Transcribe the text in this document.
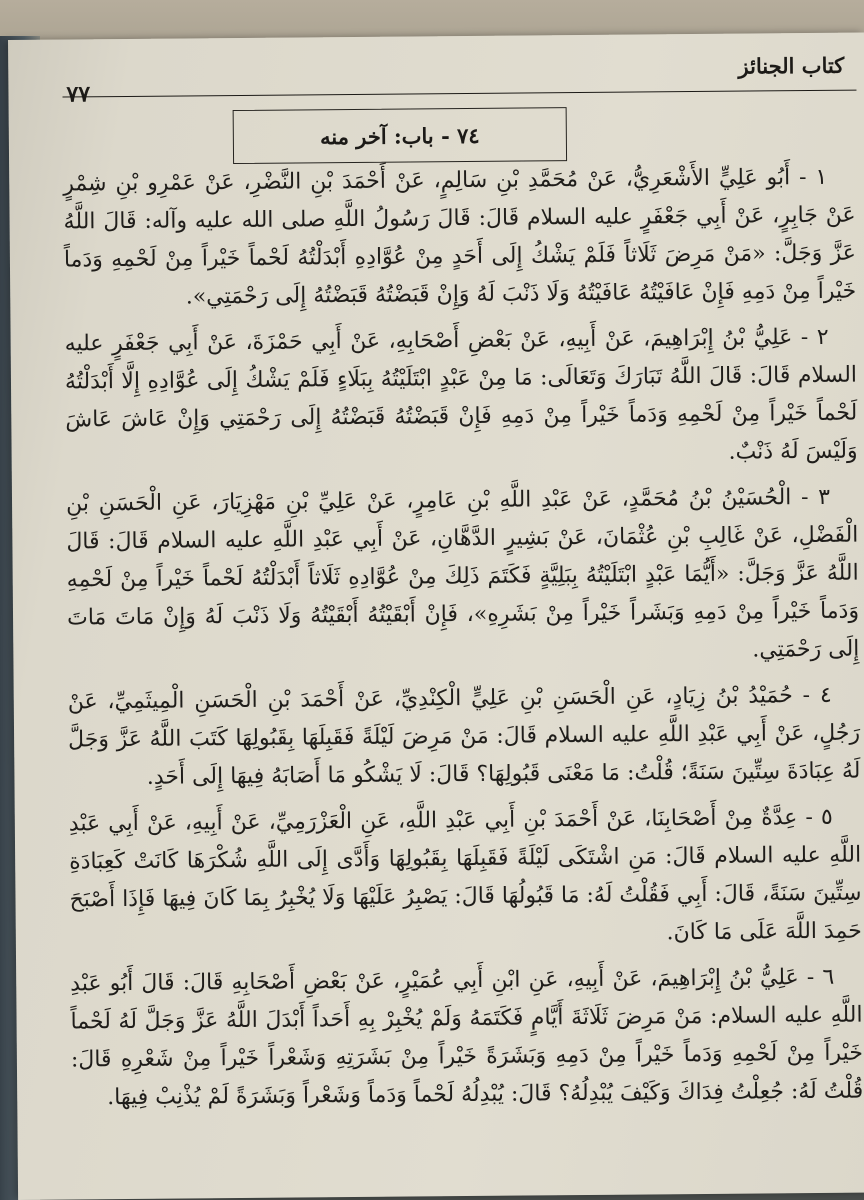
كتاب الجنائز
٧٧
٧٤ - باب: آخر منه

١ - أَبُو عَلِيٍّ الأَشْعَرِيُّ، عَنْ مُحَمَّدِ بْنِ سَالِمٍ، عَنْ أَحْمَدَ بْنِ النَّضْرِ، عَنْ عَمْرِو بْنِ شِمْرٍ عَنْ جَابِرٍ، عَنْ أَبِي جَعْفَرٍ عليه السلام قَالَ: قَالَ رَسُولُ اللَّهِ صلى الله عليه وآله: قَالَ اللَّهُ عَزَّ وَجَلَّ: «مَنْ مَرِضَ ثَلَاثاً فَلَمْ يَشْكُ إِلَى أَحَدٍ مِنْ عُوَّادِهِ أَبْدَلْتُهُ لَحْماً خَيْراً مِنْ لَحْمِهِ وَدَماً خَيْراً مِنْ دَمِهِ فَإِنْ عَافَيْتُهُ عَافَيْتُهُ وَلَا ذَنْبَ لَهُ وَإِنْ قَبَضْتُهُ قَبَضْتُهُ إِلَى رَحْمَتِي».

٢ - عَلِيُّ بْنُ إِبْرَاهِيمَ، عَنْ أَبِيهِ، عَنْ بَعْضِ أَصْحَابِهِ، عَنْ أَبِي حَمْزَةَ، عَنْ أَبِي جَعْفَرٍ عليه السلام قَالَ: قَالَ اللَّهُ تَبَارَكَ وَتَعَالَى: مَا مِنْ عَبْدٍ ابْتَلَيْتُهُ بِبَلَاءٍ فَلَمْ يَشْكُ إِلَى عُوَّادِهِ إِلَّا أَبْدَلْتُهُ لَحْماً خَيْراً مِنْ لَحْمِهِ وَدَماً خَيْراً مِنْ دَمِهِ فَإِنْ قَبَضْتُهُ قَبَضْتُهُ إِلَى رَحْمَتِي وَإِنْ عَاشَ عَاشَ وَلَيْسَ لَهُ ذَنْبٌ.

٣ - الْحُسَيْنُ بْنُ مُحَمَّدٍ، عَنْ عَبْدِ اللَّهِ بْنِ عَامِرٍ، عَنْ عَلِيِّ بْنِ مَهْزِيَارَ، عَنِ الْحَسَنِ بْنِ الْفَضْلِ، عَنْ غَالِبِ بْنِ عُثْمَانَ، عَنْ بَشِيرٍ الدَّهَّانِ، عَنْ أَبِي عَبْدِ اللَّهِ عليه السلام قَالَ: قَالَ اللَّهُ عَزَّ وَجَلَّ: «أَيُّمَا عَبْدٍ ابْتَلَيْتُهُ بِبَلِيَّةٍ فَكَتَمَ ذَلِكَ مِنْ عُوَّادِهِ ثَلَاثاً أَبْدَلْتُهُ لَحْماً خَيْراً مِنْ لَحْمِهِ وَدَماً خَيْراً مِنْ دَمِهِ وَبَشَراً خَيْراً مِنْ بَشَرِهِ»، فَإِنْ أَبْقَيْتُهُ أَبْقَيْتُهُ وَلَا ذَنْبَ لَهُ وَإِنْ مَاتَ مَاتَ إِلَى رَحْمَتِي.

٤ - حُمَيْدُ بْنُ زِيَادٍ، عَنِ الْحَسَنِ بْنِ عَلِيٍّ الْكِنْدِيِّ، عَنْ أَحْمَدَ بْنِ الْحَسَنِ الْمِيثَمِيِّ، عَنْ رَجُلٍ، عَنْ أَبِي عَبْدِ اللَّهِ عليه السلام قَالَ: مَنْ مَرِضَ لَيْلَةً فَقَبِلَهَا بِقَبُولِهَا كَتَبَ اللَّهُ عَزَّ وَجَلَّ لَهُ عِبَادَةَ سِتِّينَ سَنَةً؛ قُلْتُ: مَا مَعْنَى قَبُولِهَا؟ قَالَ: لَا يَشْكُو مَا أَصَابَهُ فِيهَا إِلَى أَحَدٍ.

٥ - عِدَّةٌ مِنْ أَصْحَابِنَا، عَنْ أَحْمَدَ بْنِ أَبِي عَبْدِ اللَّهِ، عَنِ الْعَزْرَمِيِّ، عَنْ أَبِيهِ، عَنْ أَبِي عَبْدِ اللَّهِ عليه السلام قَالَ: مَنِ اشْتَكَى لَيْلَةً فَقَبِلَهَا بِقَبُولِهَا وَأَدَّى إِلَى اللَّهِ شُكْرَهَا كَانَتْ كَعِبَادَةِ سِتِّينَ سَنَةً، قَالَ: أَبِي فَقُلْتُ لَهُ: مَا قَبُولُهَا قَالَ: يَصْبِرُ عَلَيْهَا وَلَا يُخْبِرُ بِمَا كَانَ فِيهَا فَإِذَا أَصْبَحَ حَمِدَ اللَّهَ عَلَى مَا كَانَ.

٦ - عَلِيُّ بْنُ إِبْرَاهِيمَ، عَنْ أَبِيهِ، عَنِ ابْنِ أَبِي عُمَيْرٍ، عَنْ بَعْضِ أَصْحَابِهِ قَالَ: قَالَ أَبُو عَبْدِ اللَّهِ عليه السلام: مَنْ مَرِضَ ثَلَاثَةَ أَيَّامٍ فَكَتَمَهُ وَلَمْ يُخْبِرْ بِهِ أَحَداً أَبْدَلَ اللَّهُ عَزَّ وَجَلَّ لَهُ لَحْماً خَيْراً مِنْ لَحْمِهِ وَدَماً خَيْراً مِنْ دَمِهِ وَبَشَرَةً خَيْراً مِنْ بَشَرَتِهِ وَشَعْراً خَيْراً مِنْ شَعْرِهِ قَالَ: قُلْتُ لَهُ: جُعِلْتُ فِدَاكَ وَكَيْفَ يُبْدِلُهُ؟ قَالَ: يُبْدِلُهُ لَحْماً وَدَماً وَشَعْراً وَبَشَرَةً لَمْ يُذْنِبْ فِيهَا.
